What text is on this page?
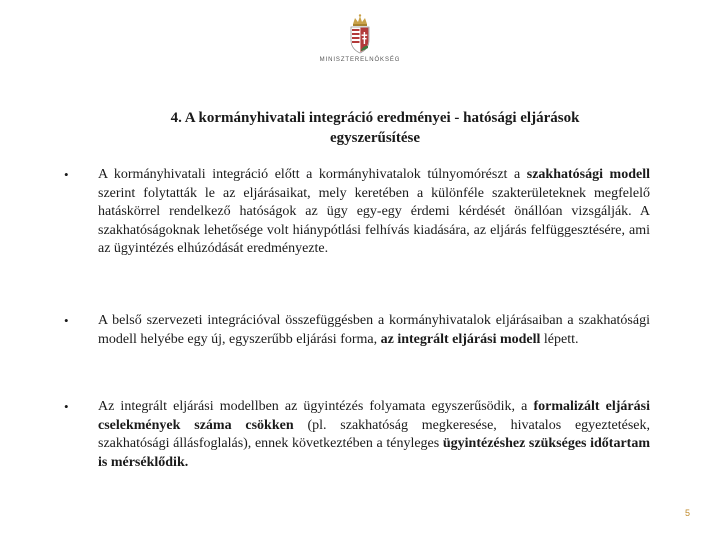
MINISZTERELNÖKSÉG
4. A kormányhivatali integráció eredményei - hatósági eljárások egyszerűsítése
• A kormányhivatali integráció előtt a kormányhivatalok túlnyomórészt a szakhatósági modell szerint folytatták le az eljárásaikat, mely keretében a különféle szakterületeknek megfelelő hatáskörrel rendelkező hatóságok az ügy egy-egy érdemi kérdését önállóan vizsgálják. A szakhatóságoknak lehetősége volt hiánypótlási felhívás kiadására, az eljárás felfüggesztésére, ami az ügyintézés elhúzódását eredményezte.
• A belső szervezeti integrációval összefüggésben a kormányhivatalok eljárásaiban a szakhatósági modell helyébe egy új, egyszerűbb eljárási forma, az integrált eljárási modell lépett.
• Az integrált eljárási modellben az ügyintézés folyamata egyszerűsödik, a formalizált eljárási cselekmények száma csökken (pl. szakhatóság megkeresése, hivatalos egyeztetések, szakhatósági állásfoglalás), ennek következtében a tényleges ügyintézéshez szükséges időtartam is mérséklődik.
5
